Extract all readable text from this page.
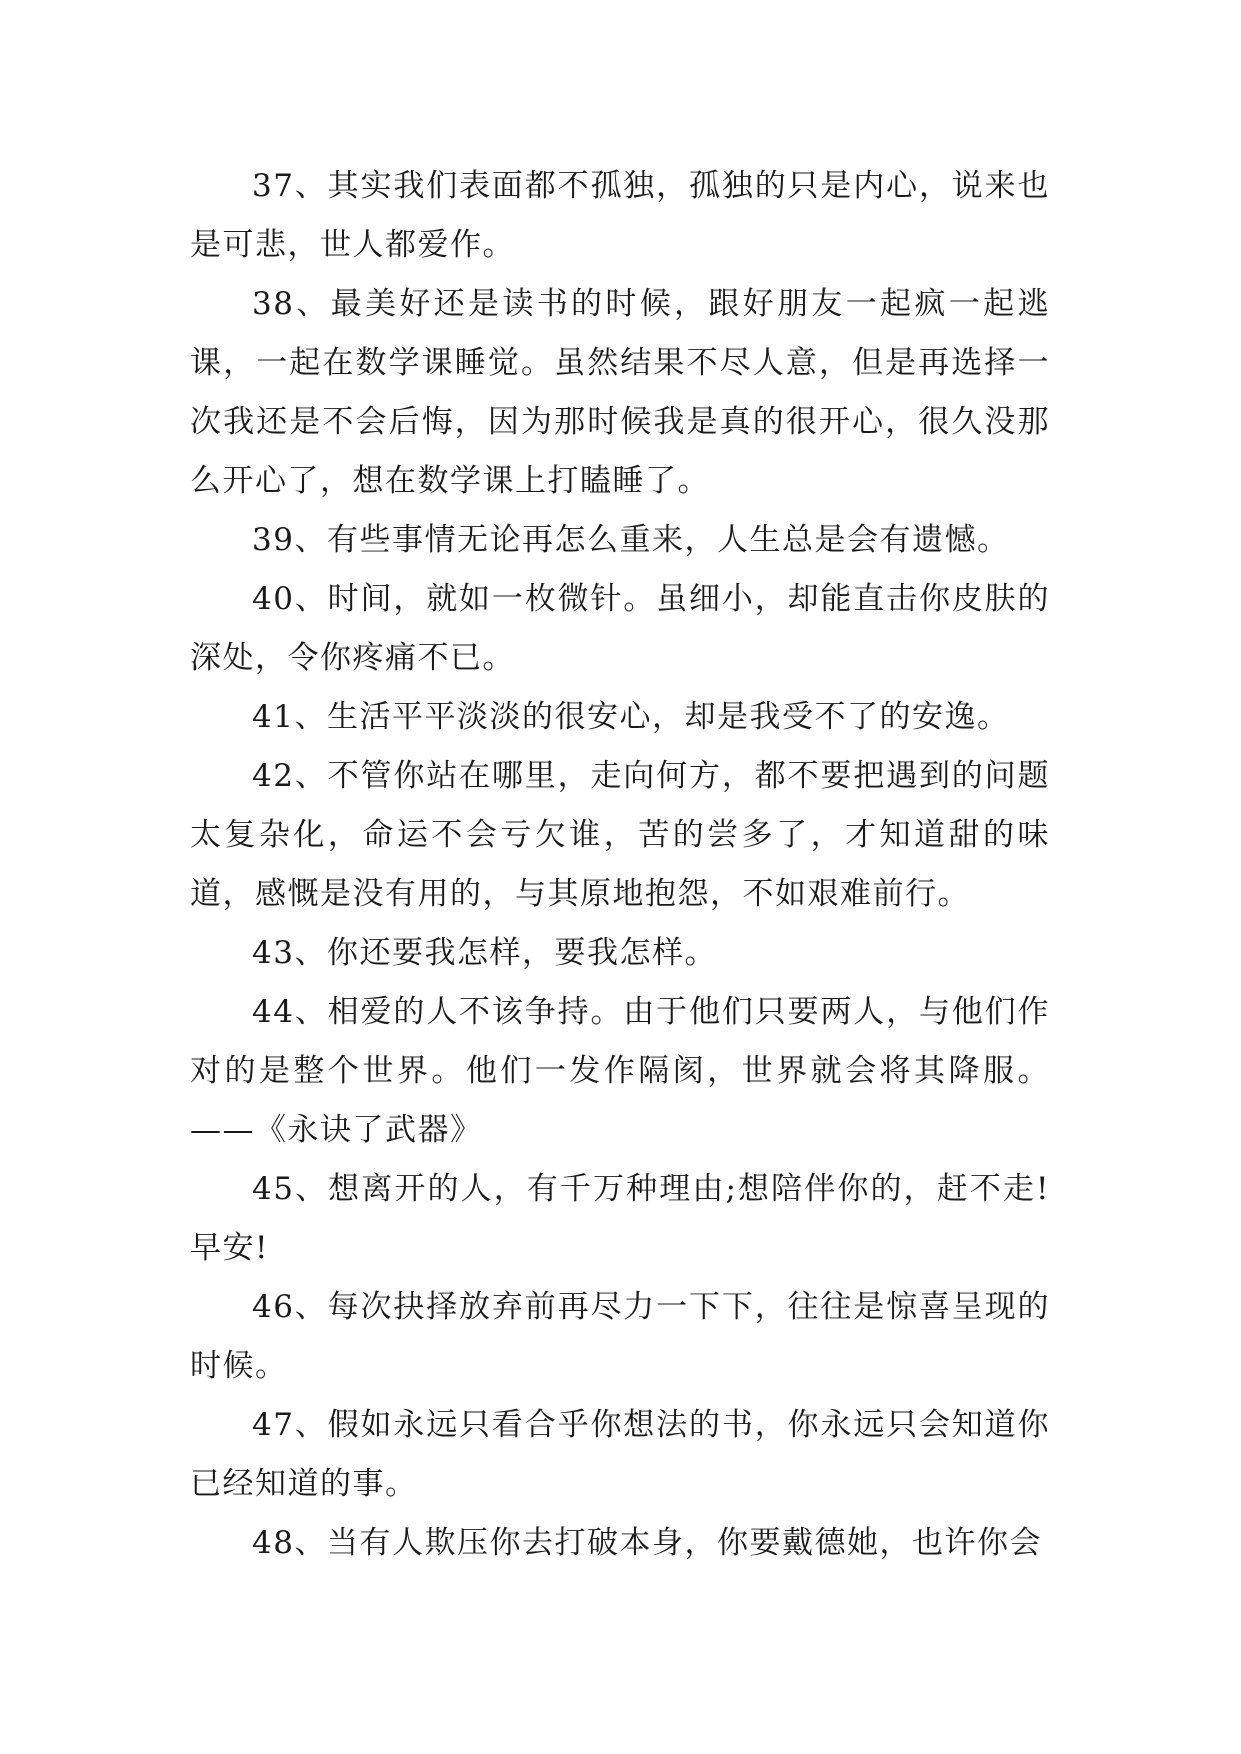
37、其实我们表面都不孤独，孤独的只是内心，说来也是可悲，世人都爱作。

38、最美好还是读书的时候，跟好朋友一起疯一起逃课，一起在数学课睡觉。虽然结果不尽人意，但是再选择一次我还是不会后悔，因为那时候我是真的很开心，很久没那么开心了，想在数学课上打瞌睡了。

39、有些事情无论再怎么重来，人生总是会有遗憾。

40、时间，就如一枚微针。虽细小，却能直击你皮肤的深处，令你疼痛不已。

41、生活平平淡淡的很安心，却是我受不了的安逸。

42、不管你站在哪里，走向何方，都不要把遇到的问题太复杂化，命运不会亏欠谁，苦的尝多了，才知道甜的味道，感慨是没有用的，与其原地抱怨，不如艰难前行。

43、你还要我怎样，要我怎样。

44、相爱的人不该争持。由于他们只要两人，与他们作对的是整个世界。他们一发作隔阂，世界就会将其降服。——《永诀了武器》

45、想离开的人，有千万种理由;想陪伴你的，赶不走!早安!

46、每次抉择放弃前再尽力一下下，往往是惊喜呈现的时候。

47、假如永远只看合乎你想法的书，你永远只会知道你已经知道的事。

48、当有人欺压你去打破本身，你要戴德她，也许你会
